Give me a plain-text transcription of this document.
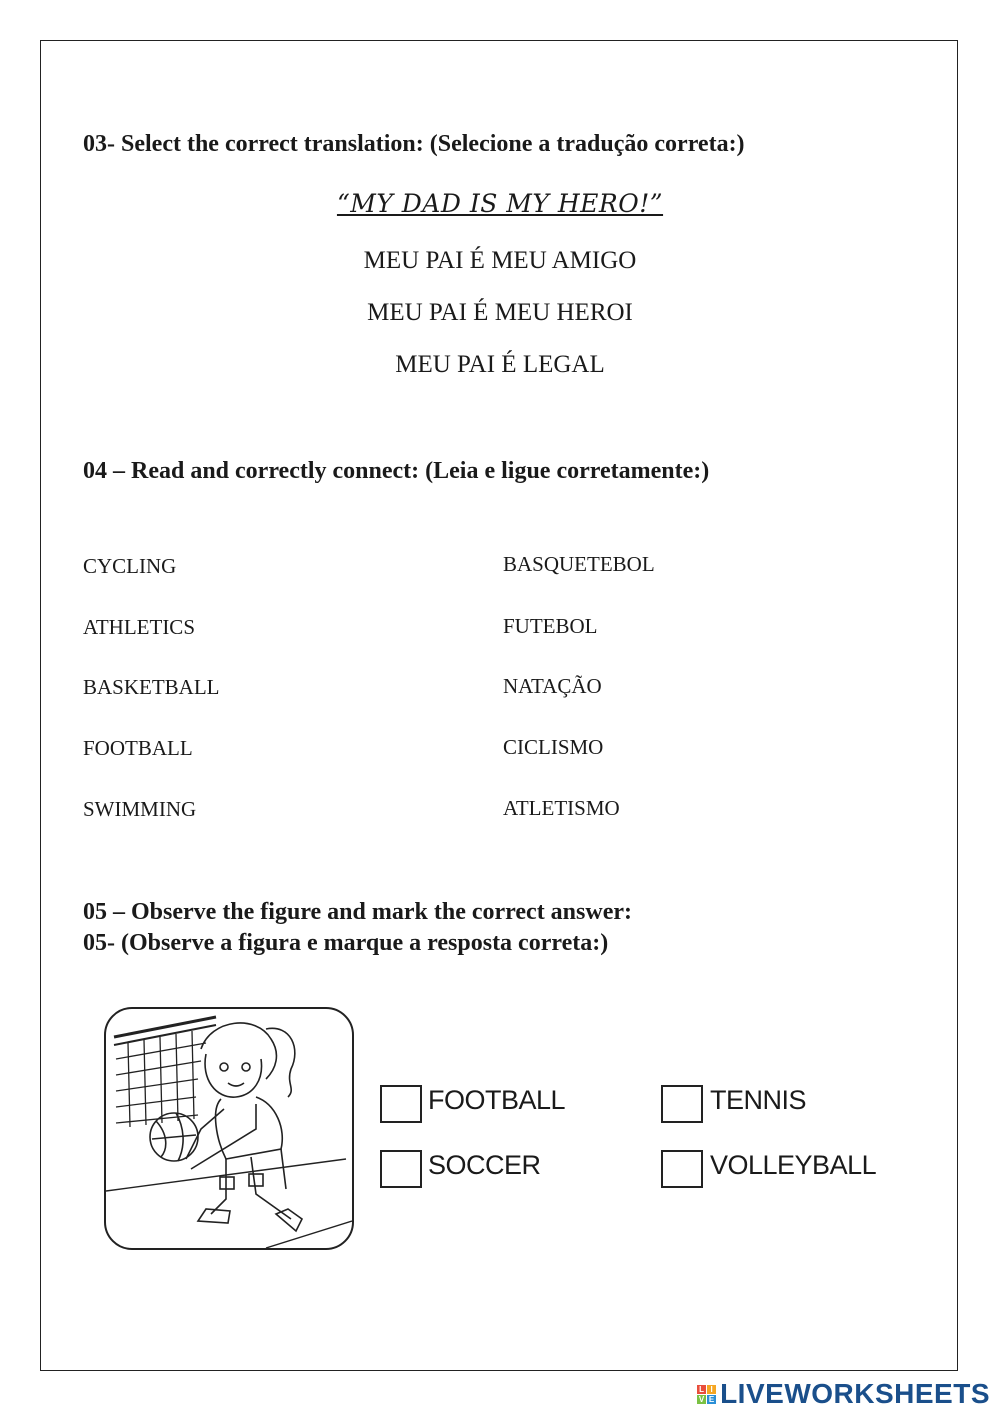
03- Select the correct translation: (Selecione a tradução correta:)
“MY DAD IS MY HERO!”
MEU PAI É MEU AMIGO
MEU PAI É MEU HEROI
MEU PAI É LEGAL
04 – Read and correctly connect: (Leia e ligue corretamente:)
CYCLING
ATHLETICS
BASKETBALL
FOOTBALL
SWIMMING
BASQUETEBOL
FUTEBOL
NATAÇÃO
CICLISMO
ATLETISMO
05 – Observe the figure and mark the correct answer:
05- (Observe a figura e marque a resposta correta:)
FOOTBALL	TENNIS
SOCCER	VOLLEYBALL
L I
V E LIVEWORKSHEETS
